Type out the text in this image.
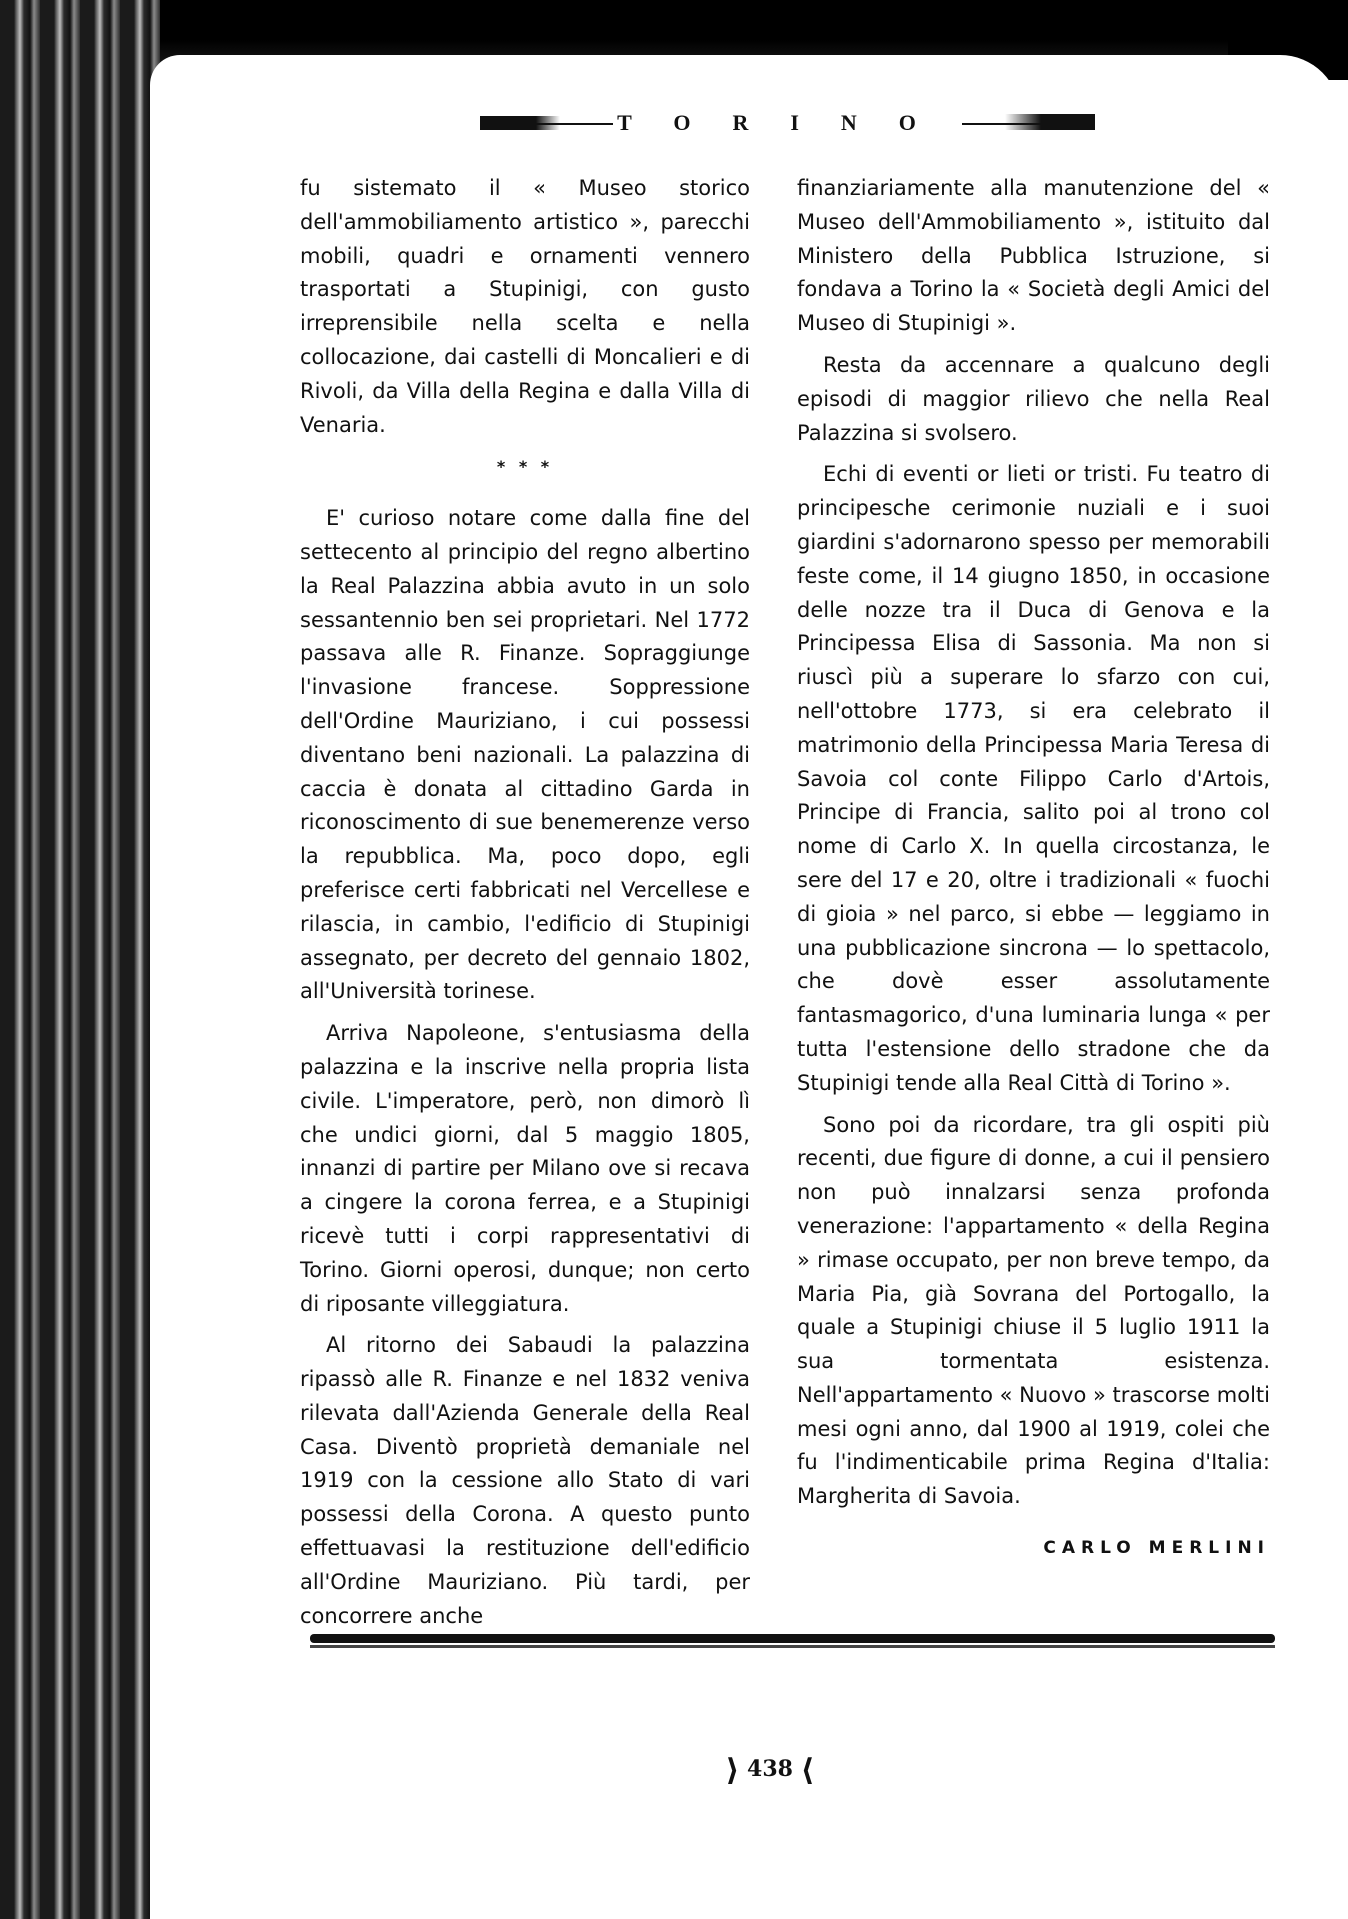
TORINO

fu sistemato il « Museo storico dell'ammobiliamento artistico », parecchi mobili, quadri e ornamenti vennero trasportati a Stupinigi, con gusto irreprensibile nella scelta e nella collocazione, dai castelli di Moncalieri e di Rivoli, da Villa della Regina e dalla Villa di Venaria.

* * *

E' curioso notare come dalla fine del settecento al principio del regno albertino la Real Palazzina abbia avuto in un solo sessantennio ben sei proprietari. Nel 1772 passava alle R. Finanze. Sopraggiunge l'invasione francese. Soppressione dell'Ordine Mauriziano, i cui possessi diventano beni nazionali. La palazzina di caccia è donata al cittadino Garda in riconoscimento di sue benemerenze verso la repubblica. Ma, poco dopo, egli preferisce certi fabbricati nel Vercellese e rilascia, in cambio, l'edificio di Stupinigi assegnato, per decreto del gennaio 1802, all'Università torinese.

Arriva Napoleone, s'entusiasma della palazzina e la inscrive nella propria lista civile. L'imperatore, però, non dimorò lì che undici giorni, dal 5 maggio 1805, innanzi di partire per Milano ove si recava a cingere la corona ferrea, e a Stupinigi ricevè tutti i corpi rappresentativi di Torino. Giorni operosi, dunque; non certo di riposante villeggiatura.

Al ritorno dei Sabaudi la palazzina ripassò alle R. Finanze e nel 1832 veniva rilevata dall'Azienda Generale della Real Casa. Diventò proprietà demaniale nel 1919 con la cessione allo Stato di vari possessi della Corona. A questo punto effettuavasi la restituzione dell'edificio all'Ordine Mauriziano. Più tardi, per concorrere anche

finanziariamente alla manutenzione del « Museo dell'Ammobiliamento », istituito dal Ministero della Pubblica Istruzione, si fondava a Torino la « Società degli Amici del Museo di Stupinigi ».

Resta da accennare a qualcuno degli episodi di maggior rilievo che nella Real Palazzina si svolsero.

Echi di eventi or lieti or tristi. Fu teatro di principesche cerimonie nuziali e i suoi giardini s'adornarono spesso per memorabili feste come, il 14 giugno 1850, in occasione delle nozze tra il Duca di Genova e la Principessa Elisa di Sassonia. Ma non si riuscì più a superare lo sfarzo con cui, nell'ottobre 1773, si era celebrato il matrimonio della Principessa Maria Teresa di Savoia col conte Filippo Carlo d'Artois, Principe di Francia, salito poi al trono col nome di Carlo X. In quella circostanza, le sere del 17 e 20, oltre i tradizionali « fuochi di gioia » nel parco, si ebbe — leggiamo in una pubblicazione sincrona — lo spettacolo, che dovè esser assolutamente fantasmagorico, d'una luminaria lunga « per tutta l'estensione dello stradone che da Stupinigi tende alla Real Città di Torino ».

Sono poi da ricordare, tra gli ospiti più recenti, due figure di donne, a cui il pensiero non può innalzarsi senza profonda venerazione: l'appartamento « della Regina » rimase occupato, per non breve tempo, da Maria Pia, già Sovrana del Portogallo, la quale a Stupinigi chiuse il 5 luglio 1911 la sua tormentata esistenza. Nell'appartamento « Nuovo » trascorse molti mesi ogni anno, dal 1900 al 1919, colei che fu l'indimenticabile prima Regina d'Italia: Margherita di Savoia.

CARLO MERLINI
⟩ 438 ⟨
